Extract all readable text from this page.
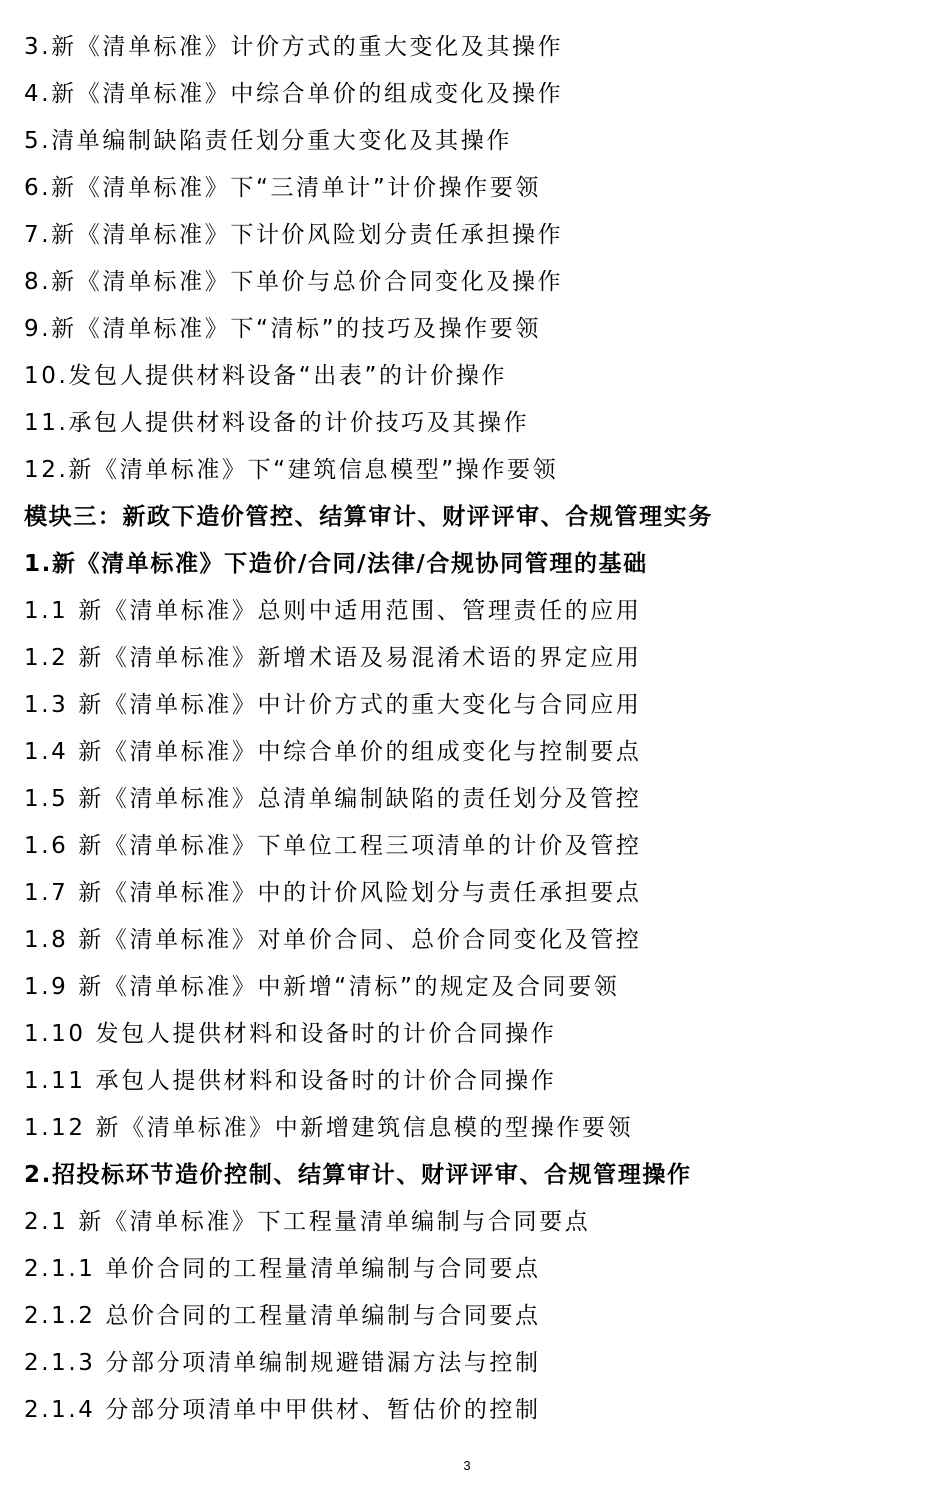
3.新《清单标准》计价方式的重大变化及其操作
4.新《清单标准》中综合单价的组成变化及操作
5.清单编制缺陷责任划分重大变化及其操作
6.新《清单标准》下“三清单计”计价操作要领
7.新《清单标准》下计价风险划分责任承担操作
8.新《清单标准》下单价与总价合同变化及操作
9.新《清单标准》下“清标”的技巧及操作要领
10.发包人提供材料设备“出表”的计价操作
11.承包人提供材料设备的计价技巧及其操作
12.新《清单标准》下“建筑信息模型”操作要领
模块三：新政下造价管控、结算审计、财评评审、合规管理实务
1.新《清单标准》下造价/合同/法律/合规协同管理的基础
1.1 新《清单标准》总则中适用范围、管理责任的应用
1.2 新《清单标准》新增术语及易混淆术语的界定应用
1.3 新《清单标准》中计价方式的重大变化与合同应用
1.4 新《清单标准》中综合单价的组成变化与控制要点
1.5 新《清单标准》总清单编制缺陷的责任划分及管控
1.6 新《清单标准》下单位工程三项清单的计价及管控
1.7 新《清单标准》中的计价风险划分与责任承担要点
1.8 新《清单标准》对单价合同、总价合同变化及管控
1.9 新《清单标准》中新增“清标”的规定及合同要领
1.10 发包人提供材料和设备时的计价合同操作
1.11 承包人提供材料和设备时的计价合同操作
1.12 新《清单标准》中新增建筑信息模的型操作要领
2.招投标环节造价控制、结算审计、财评评审、合规管理操作
2.1 新《清单标准》下工程量清单编制与合同要点
2.1.1 单价合同的工程量清单编制与合同要点
2.1.2 总价合同的工程量清单编制与合同要点
2.1.3 分部分项清单编制规避错漏方法与控制
2.1.4 分部分项清单中甲供材、暂估价的控制
3
